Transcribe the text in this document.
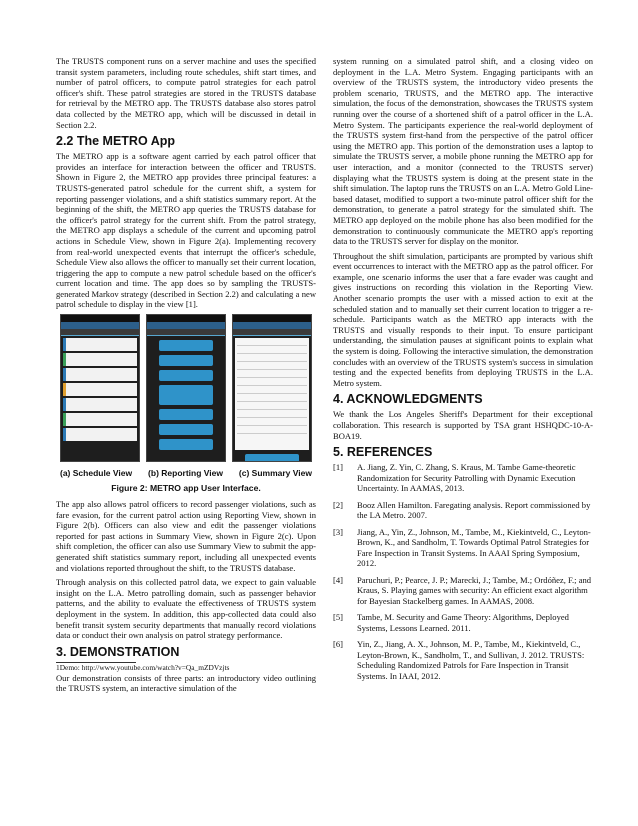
The TRUSTS component runs on a server machine and uses the specified transit system parameters, including route schedules, shift start times, and number of patrol officers, to compute patrol strategies for each patrol officer's shift. These patrol strategies are stored in the TRUSTS database for retrieval by the METRO app. The TRUSTS database also stores patrol data collected by the METRO app, which will be discussed in detail in Section 2.2.

2.2 The METRO App

The METRO app is a software agent carried by each patrol officer that provides an interface for interaction between the officer and TRUSTS. Shown in Figure 2, the METRO app provides three principal features: a TRUSTS-generated patrol schedule for the current shift, a system for reporting passenger violations, and a shift statistics summary report. At the beginning of the shift, the METRO app queries the TRUSTS database for the officer's patrol strategy for the current shift. From the patrol strategy, the METRO app displays a schedule of the current and upcoming patrol actions in Schedule View, shown in Figure 2(a). Implementing recovery from real-world unexpected events that interrupt the officer's schedule, Schedule View also allows the officer to manually set their current location, triggering the app to compute a new patrol schedule based on the officer's current location and time. The app does so by sampling the TRUSTS-generated Markov strategy (described in Section 2.2) and calculating a new patrol schedule to display in the view [1].

(a) Schedule View (b) Reporting View (c) Summary View
Figure 2: METRO app User Interface.

The app also allows patrol officers to record passenger violations, such as fare evasion, for the current patrol action using Reporting View, shown in Figure 2(b). Officers can also view and edit the passenger violations reported for past actions in Summary View, shown in Figure 2(c). Upon shift completion, the officer can also use Summary View to submit the app-generated shift statistics summary report, including all unexpected events and violations reported throughout the shift, to the TRUSTS database.

Through analysis on this collected patrol data, we expect to gain valuable insight on the L.A. Metro patrolling domain, such as passenger behavior patterns, and the ability to evaluate the effectiveness of TRUSTS system deployment in the system. In addition, this app-collected data could also benefit transit system security departments that manually record violations data or conduct their own analysis on patrol strategy performance.

3. DEMONSTRATION

1Demo: http://www.youtube.com/watch?v=Qa_mZDVzjts

Our demonstration consists of three parts: an introductory video outlining the TRUSTS system, an interactive simulation of the

system running on a simulated patrol shift, and a closing video on deployment in the L.A. Metro System. Engaging participants with an overview of the TRUSTS system, the introductory video presents the problem scenario, TRUSTS, and the METRO app. The interactive simulation, the focus of the demonstration, showcases the TRUSTS system running over the course of a shortened shift of a patrol officer in the L.A. Metro System. The participants experience the real-world deployment of the TRUSTS system first-hand from the perspective of the patrol officer using the METRO app. This portion of the demonstration uses a laptop to simulate the TRUSTS server, a mobile phone running the METRO app for user interaction, and a monitor (connected to the TRUSTS server) displaying what the TRUSTS system is doing at the present state in the shift simulation. The laptop runs the TRUSTS on an L.A. Metro Gold Line-based dataset, modified to support a two-minute patrol officer shift for the demonstration, to generate a patrol strategy for the simulated shift. The METRO app deployed on the mobile phone has also been modified for the demonstration to continuously communicate the METRO app's reporting data to the TRUSTS server for display on the monitor.

Throughout the shift simulation, participants are prompted by various shift event occurrences to interact with the METRO app as the patrol officer. For example, one scenario informs the user that a fare evader was caught and gives instructions on recording this violation in the Reporting View. Another scenario prompts the user with a missed action to exit at the scheduled station and to manually set their current location to trigger a re-schedule. Participants watch as the METRO app interacts with the TRUSTS and visually responds to their input. To ensure participant understanding, the simulation pauses at significant points to explain what the system is doing. Following the interactive simulation, the demonstration concludes with an overview of the TRUSTS system's success in simulation testing and the expected benefits from deploying TRUSTS in the L.A. Metro system.

4. ACKNOWLEDGMENTS

We thank the Los Angeles Sheriff's Department for their exceptional collaboration. This research is supported by TSA grant HSHQDC-10-A-BOA19.

5. REFERENCES
[1] A. Jiang, Z. Yin, C. Zhang, S. Kraus, M. Tambe Game-theoretic Randomization for Security Patrolling with Dynamic Execution Uncertainty. In AAMAS, 2013.
[2] Booz Allen Hamilton. Faregating analysis. Report commissioned by the LA Metro. 2007.
[3] Jiang, A., Yin, Z., Johnson, M., Tambe, M., Kiekintveld, C., Leyton-Brown, K., and Sandholm, T. Towards Optimal Patrol Strategies for Fare Inspection in Transit Systems. In AAAI Spring Symposium, 2012.
[4] Paruchuri, P.; Pearce, J. P.; Marecki, J.; Tambe, M.; Ordóñez, F.; and Kraus, S. Playing games with security: An efficient exact algorithm for Bayesian Stackelberg games. In AAMAS, 2008.
[5] Tambe, M. Security and Game Theory: Algorithms, Deployed Systems, Lessons Learned. 2011.
[6] Yin, Z., Jiang, A. X., Johnson, M. P., Tambe, M., Kiekintveld, C., Leyton-Brown, K., Sandholm, T., and Sullivan, J. 2012. TRUSTS: Scheduling Randomized Patrols for Fare Inspection in Transit Systems. In IAAI, 2012.
